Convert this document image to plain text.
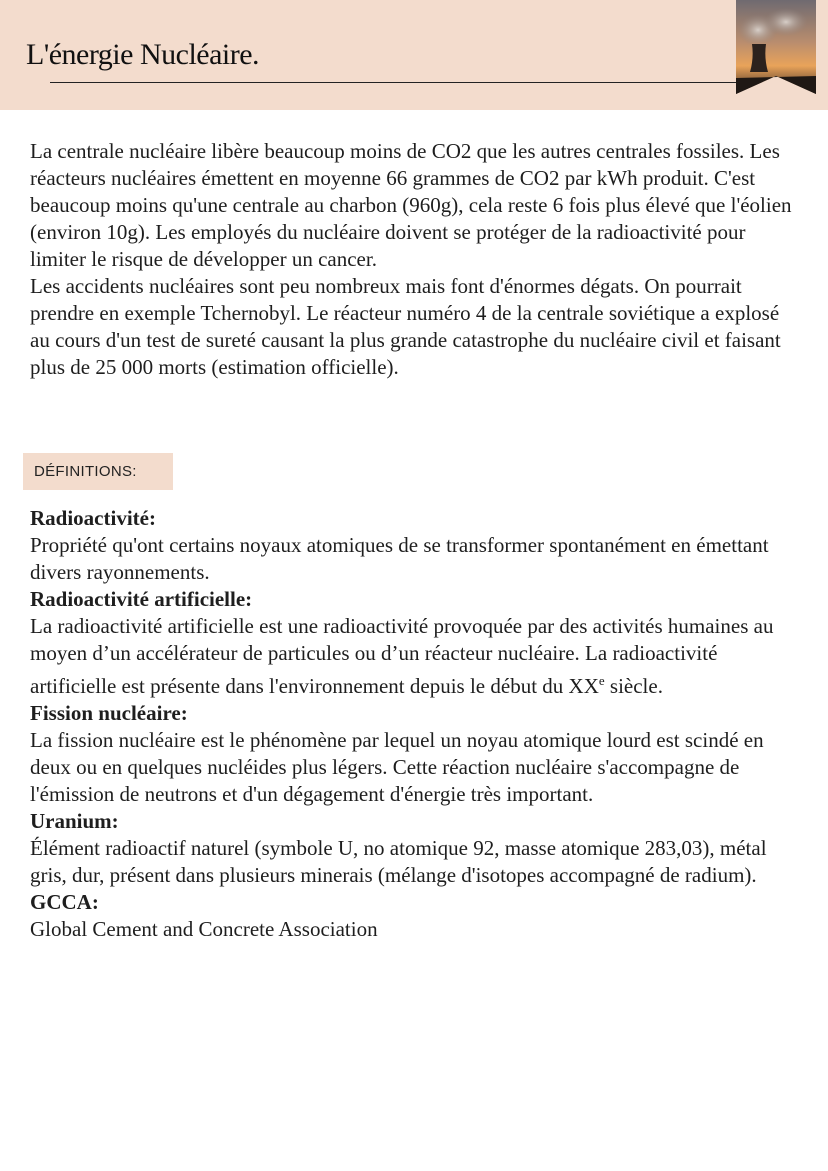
L'énergie Nucléaire.

La centrale nucléaire libère beaucoup moins de CO2 que les autres centrales fossiles. Les réacteurs nucléaires émettent en moyenne 66 grammes de CO2 par kWh produit. C'est beaucoup moins qu'une centrale au charbon (960g), cela reste 6 fois plus élevé que l'éolien (environ 10g). Les employés du nucléaire doivent se protéger de la radioactivité pour limiter le risque de développer un cancer.

Les accidents nucléaires sont peu nombreux mais font d'énormes dégats. On pourrait prendre en exemple Tchernobyl. Le réacteur numéro 4 de la centrale soviétique a explosé au cours d'un test de sureté causant la plus grande catastrophe du nucléaire civil et faisant plus de 25 000 morts (estimation officielle).

DÉFINITIONS:

Radioactivité:

Propriété qu'ont certains noyaux atomiques de se transformer spontanément en émettant divers rayonnements.

Radioactivité artificielle:

La radioactivité artificielle est une radioactivité provoquée par des activités humaines au moyen d’un accélérateur de particules ou d’un réacteur nucléaire. La radioactivité artificielle est présente dans l'environnement depuis le début du XXe siècle.

Fission nucléaire:

La fission nucléaire est le phénomène par lequel un noyau atomique lourd est scindé en deux ou en quelques nucléides plus légers. Cette réaction nucléaire s'accompagne de l'émission de neutrons et d'un dégagement d'énergie très important.

Uranium:

Élément radioactif naturel (symbole U, no atomique 92, masse atomique 283,03), métal gris, dur, présent dans plusieurs minerais (mélange d'isotopes accompagné de radium).

GCCA:

Global Cement and Concrete Association
